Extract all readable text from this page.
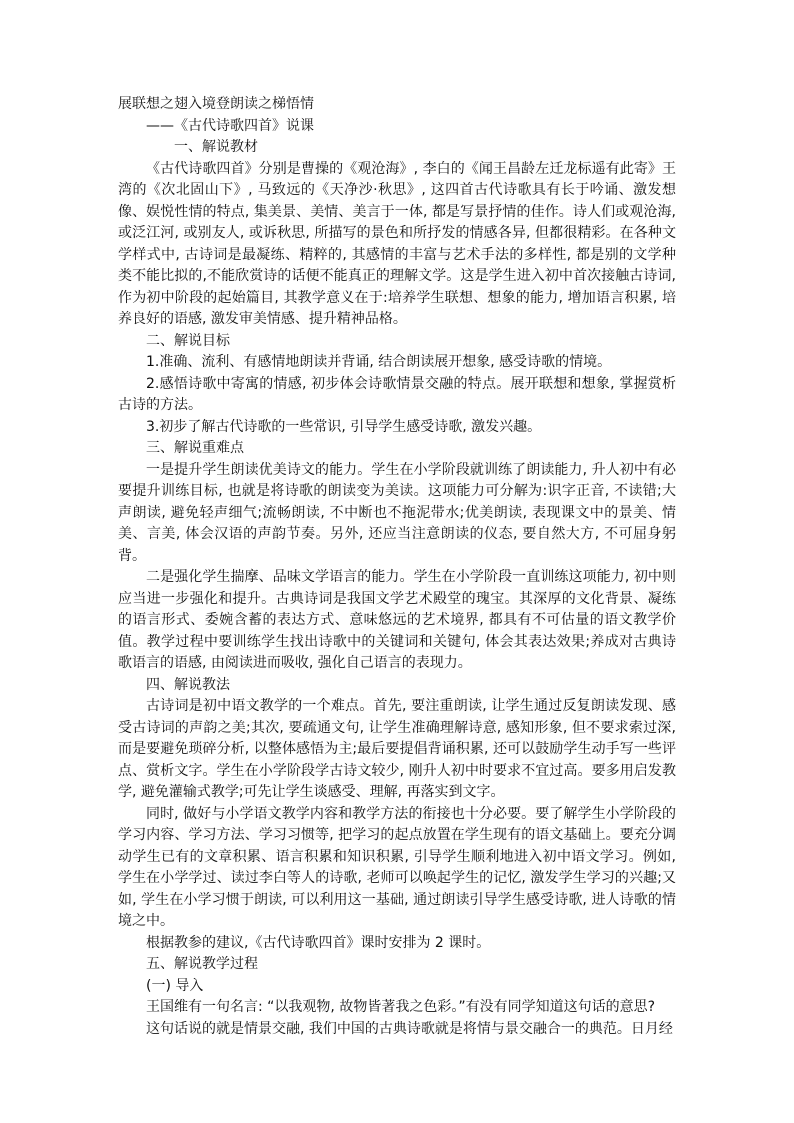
展联想之翅入境登朗读之梯悟情

——《古代诗歌四首》说课

一、解说教材

《古代诗歌四首》分别是曹操的《观沧海》, 李白的《闻王昌龄左迁龙标遥有此寄》王湾的《次北固山下》, 马致远的《天净沙·秋思》, 这四首古代诗歌具有长于吟诵、激发想像、娱悦性情的特点, 集美景、美情、美言于一体, 都是写景抒情的佳作。诗人们或观沧海, 或泛江河, 或别友人, 或诉秋思, 所描写的景色和所抒发的情感各异, 但都很精彩。在各种文学样式中, 古诗词是最凝练、精粹的, 其感情的丰富与艺术手法的多样性, 都是别的文学种类不能比拟的,不能欣赏诗的话便不能真正的理解文学。这是学生进入初中首次接触古诗词, 作为初中阶段的起始篇目, 其教学意义在于:培养学生联想、想象的能力, 增加语言积累, 培养良好的语感, 激发审美情感、提升精神品格。

二、解说目标

1.准确、流利、有感情地朗读并背诵, 结合朗读展开想象, 感受诗歌的情境。

2.感悟诗歌中寄寓的情感, 初步体会诗歌情景交融的特点。展开联想和想象, 掌握赏析古诗的方法。

3.初步了解古代诗歌的一些常识, 引导学生感受诗歌, 激发兴趣。

三、解说重难点

一是提升学生朗读优美诗文的能力。学生在小学阶段就训练了朗读能力, 升人初中有必要提升训练目标, 也就是将诗歌的朗读变为美读。这项能力可分解为:识字正音, 不读错;大声朗读, 避免轻声细气;流畅朗读, 不中断也不拖泥带水;优美朗读, 表现课文中的景美、情美、言美, 体会汉语的声韵节奏。另外, 还应当注意朗读的仪态, 要自然大方, 不可屈身躬背。

二是强化学生揣摩、品味文学语言的能力。学生在小学阶段一直训练这项能力, 初中则应当进一步强化和提升。古典诗词是我国文学艺术殿堂的瑰宝。其深厚的文化背景、凝练的语言形式、委婉含蓄的表达方式、意味悠远的艺术境界, 都具有不可估量的语文教学价值。教学过程中要训练学生找出诗歌中的关键词和关键句, 体会其表达效果;养成对古典诗歌语言的语感, 由阅读进而吸收, 强化自己语言的表现力。

四、解说教法

古诗词是初中语文教学的一个难点。首先, 要注重朗读, 让学生通过反复朗读发现、感受古诗词的声韵之美;其次, 要疏通文句, 让学生准确理解诗意, 感知形象, 但不要求索过深, 而是要避免琐碎分析, 以整体感悟为主;最后要提倡背诵积累, 还可以鼓励学生动手写一些评点、赏析文字。学生在小学阶段学古诗文较少, 刚升人初中时要求不宜过高。要多用启发教学, 避免灌输式教学;可先让学生谈感受、理解, 再落实到文字。

同时, 做好与小学语文教学内容和教学方法的衔接也十分必要。要了解学生小学阶段的学习内容、学习方法、学习习惯等, 把学习的起点放置在学生现有的语文基础上。要充分调动学生已有的文章积累、语言积累和知识积累, 引导学生顺利地进入初中语文学习。例如, 学生在小学学过、读过李白等人的诗歌, 老师可以唤起学生的记忆, 激发学生学习的兴趣;又如, 学生在小学习惯于朗读, 可以利用这一基础, 通过朗读引导学生感受诗歌, 进人诗歌的情境之中。

根据教参的建议,《古代诗歌四首》课时安排为 2 课时。

五、解说教学过程

(一) 导入

王国维有一句名言: “以我观物, 故物皆著我之色彩。”有没有同学知道这句话的意思?

这句话说的就是情景交融, 我们中国的古典诗歌就是将情与景交融合一的典范。日月经
